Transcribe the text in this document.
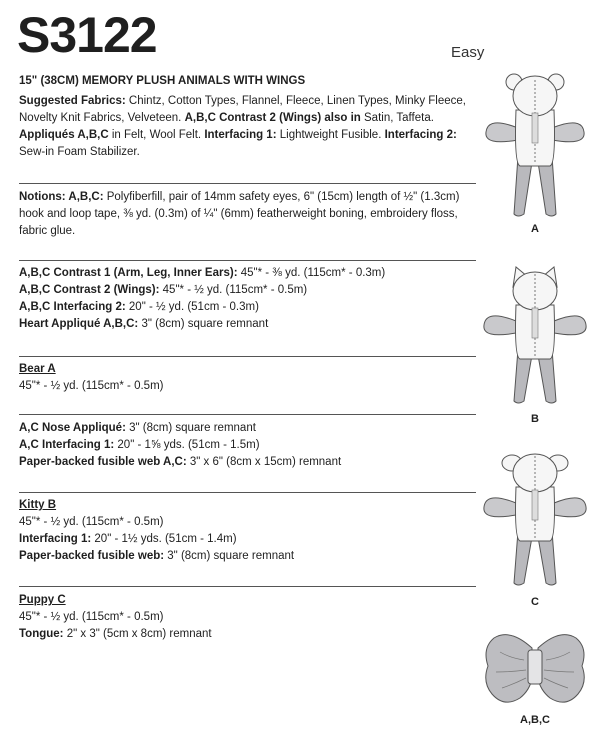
S3122	Easy
15" (38CM) MEMORY PLUSH ANIMALS WITH WINGS
Suggested Fabrics: Chintz, Cotton Types, Flannel, Fleece, Linen Types, Minky Fleece, Novelty Knit Fabrics, Velveteen. A,B,C Contrast 2 (Wings) also in Satin, Taffeta. Appliqués A,B,C in Felt, Wool Felt. Interfacing 1: Lightweight Fusible. Interfacing 2: Sew-in Foam Stabilizer.
Notions: A,B,C: Polyfiberfill, pair of 14mm safety eyes, 6" (15cm) length of ½" (1.3cm) hook and loop tape, ⅜ yd. (0.3m) of ¼" (6mm) featherweight boning, embroidery floss, fabric glue.
A,B,C Contrast 1 (Arm, Leg, Inner Ears): 45"* - ⅜ yd. (115cm* - 0.3m)
A,B,C Contrast 2 (Wings): 45"* - ½ yd. (115cm* - 0.5m)
A,B,C Interfacing 2: 20" - ½ yd. (51cm - 0.3m)
Heart Appliqué A,B,C: 3" (8cm) square remnant
Bear A
45"* - ½ yd. (115cm* - 0.5m)
A,C Nose Appliqué: 3" (8cm) square remnant
A,C Interfacing 1: 20" - 1⅝ yds. (51cm - 1.5m)
Paper-backed fusible web A,C: 3" x 6" (8cm x 15cm) remnant
Kitty B
45"* - ½ yd. (115cm* - 0.5m)
Interfacing 1: 20" - 1½ yds. (51cm - 1.4m)
Paper-backed fusible web: 3" (8cm) square remnant
Puppy C
45"* - ½ yd. (115cm* - 0.5m)
Tongue: 2" x 3" (5cm x 8cm) remnant
A
B
C
A,B,C
